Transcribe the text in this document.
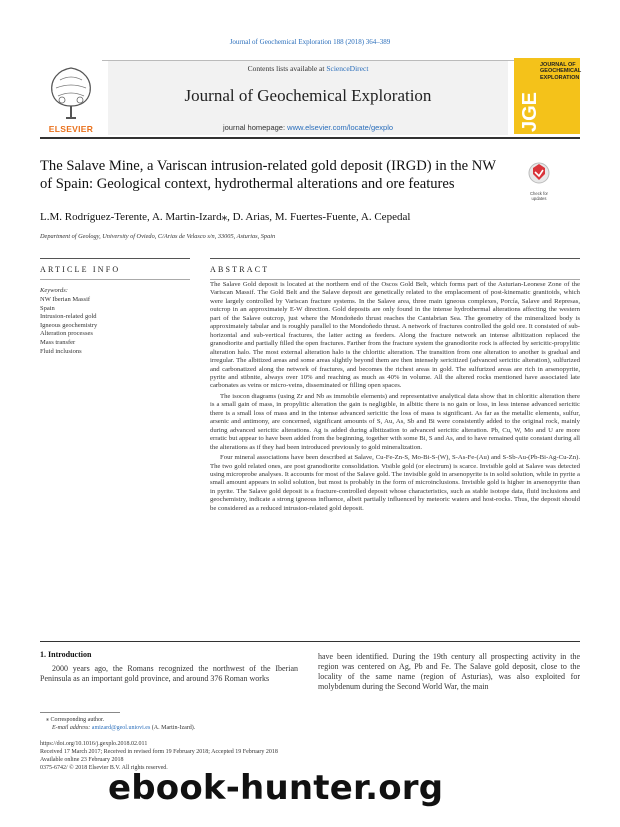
Journal of Geochemical Exploration 188 (2018) 364–389
ELSEVIER
Contents lists available at ScienceDirect
Journal of Geochemical Exploration
journal homepage: www.elsevier.com/locate/gexplo	JGE
JOURNAL OF GEOCHEMICAL EXPLORATION
The Salave Mine, a Variscan intrusion-related gold deposit (IRGD) in the NW of Spain: Geological context, hydrothermal alterations and ore features
Check for
updates
L.M. Rodríguez-Terente, A. Martin-Izard⁎, D. Arias, M. Fuertes-Fuente, A. Cepedal
Department of Geology, University of Oviedo, C/Arias de Velasco s/n, 33005, Asturias, Spain
ARTICLE INFO	ABSTRACT
Keywords:
NW Iberian Massif
Spain
Intrusion-related gold
Igneous geochemistry
Alteration processes
Mass transfer
Fluid inclusions

The Salave Gold deposit is located at the northern end of the Oscos Gold Belt, which forms part of the Asturian-Leonese Zone of the Variscan Massif. The Gold Belt and the Salave deposit are genetically related to the emplacement of post-kinematic granitoids, which were largely controlled by Variscan fracture systems. In the Salave area, three main igneous complexes, Porcía, Salave and Represas, outcrop in an approximately E-W direction. Gold deposits are only found in the intense hydrothermal alterations affecting the western part of the Salave outcrop, just where the Mondoñedo thrust reaches the Cantabrian Sea. The geometry of the mineralized body is approximately tabular and is roughly parallel to the Mondoñedo thrust. A network of fractures controlled the gold ore. It consisted of sub-horizontal and sub-vertical fractures, the latter acting as feeders. Along the fracture network an intense albitization replaced the granodiorite and partially filled the open fractures. Farther from the fracture system the granodiorite rock is affected by sericitic-propylitic alteration halo. The most external alteration halo is the chloritic alteration. The transition from one alteration to another is gradual and irregular. The albitized areas and some areas slightly beyond them are then intensely sericitized (advanced sericitic alteration), sulfurized and carbonatized along the network of fractures, and becomes the richest areas in gold. The sulfurized areas are rich in arsenopyrite, pyrite and stibnite, always over 10% and reaching as much as 40% in volume. All the altered rocks mentioned have associated late carbonates as veins or micro-veins, disseminated or filling open spaces.

The isocon diagrams (using Zr and Nb as immobile elements) and representative analytical data show that in chloritic alteration there is a small gain of mass, in propylitic alteration the gain is negligible, in albitic there is no gain or loss, in less intense advanced sericitic there is a small loss of mass and in the intense advanced sericitic the loss of mass is significant. As far as the metallic elements, sulfur, arsenic and antimony, are concerned, significant amounts of S, Au, As, Sb and Bi were consistently added to the original rock, mainly during advanced sericitic alterations. Ag is added during albitization to advanced sericitic alteration. Pb, Cu, W, Mo and U are more erratic but appear to have been added from the beginning, together with some Bi, S and As, and to have remained quite constant during all the alterations as if they had been introduced previously to gold mineralization.

Four mineral associations have been described at Salave, Cu-Fe-Zn-S, Mo-Bi-S-(W), S-As-Fe-(Au) and S-Sb-Au-(Pb-Bi-Ag-Cu-Zn). The two gold related ones, are post granodiorite consolidation. Visible gold (or electrum) is scarce. Invisible gold at Salave was detected using microprobe analyses. It accounts for most of the Salave gold. The invisible gold in arsenopyrite is in solid solution, while in pyrite a small amount appears in solid solution, but most is probably in the form of microinclusions. Invisible gold is higher in arsenopyrite than in pyrite. The Salave gold deposit is a fracture-controlled deposit whose characteristics, such as stable isotope data, fluid inclusions and geochemistry, indicate a strong igneous influence, albeit partially influenced by meteoric waters and host-rocks. Thus, the deposit should be considered as a reduced intrusion-related gold deposit.

1. Introduction
2000 years ago, the Romans recognized the northwest of the Iberian Peninsula as an important gold province, and around 376 Roman works
have been identified. During the 19th century all prospecting activity in the region was centered on Ag, Pb and Fe. The Salave gold deposit, close to the locality of the same name (region of Asturias), was also exploited for molybdenum during the Second World War, the main
⁎ Corresponding author.
E-mail address: amizard@geol.uniovi.es (A. Martin-Izard).
https://doi.org/10.1016/j.gexplo.2018.02.011
Received 17 March 2017; Received in revised form 19 February 2018; Accepted 19 February 2018
Available online 23 February 2018
0375-6742/ © 2018 Elsevier B.V. All rights reserved.
ebook-hunter.org
